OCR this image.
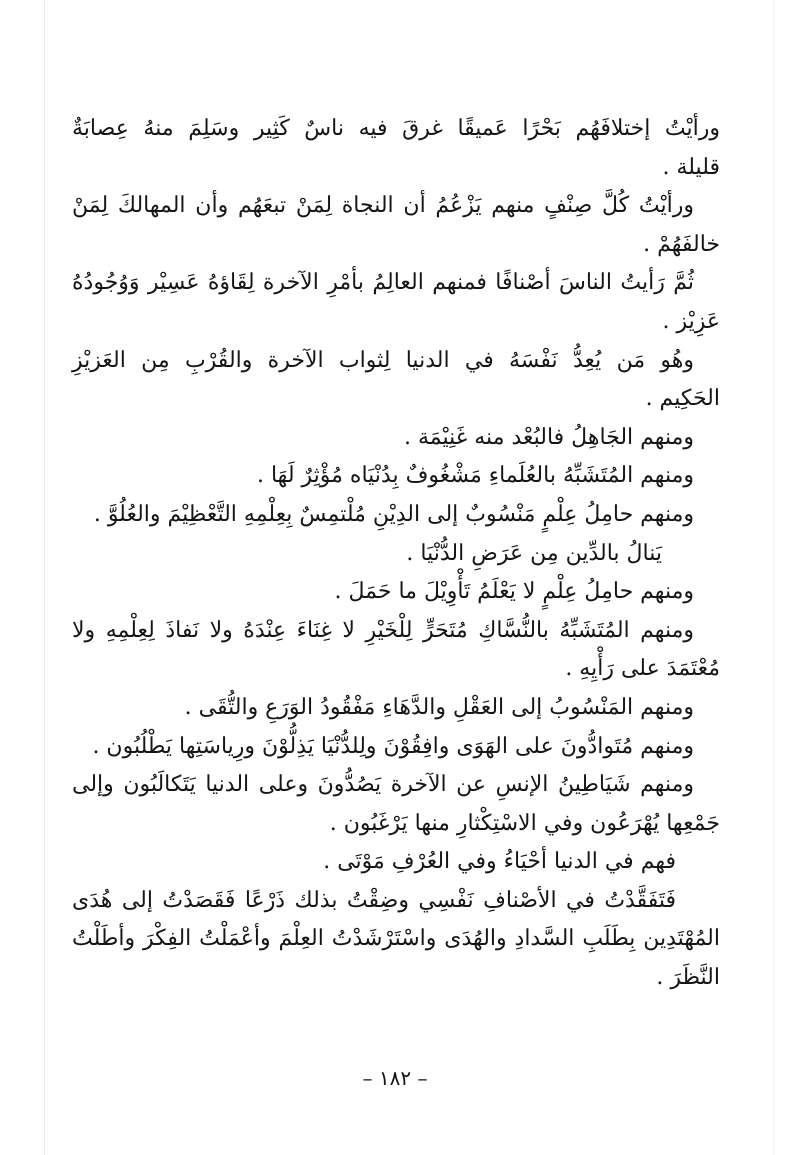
ورأيْتُ إختلافَهُم بَحْرًا عَميقًا غرقَ فيه ناسٌ كَثِير وسَلِمَ منهُ عِصابَةٌ
قليلة .
ورأيْتُ كُلَّ صِنْفٍ منهم يَزْعُمُ أن النجاة لِمَنْ تبعَهُم وأن المهالكَ لِمَنْ
خالفَهُمْ .
ثُمَّ رَأيتُ الناسَ أصْنافًا فمنهم العالِمُ بأمْرِ الآخرة لِقَاؤهُ عَسِيْر وَوُجُودُهُ
عَزِيْز .
وهُو مَن يُعِدُّ نَفْسَهُ في الدنيا لِثواب الآخرة والقُرْبِ مِن العَزيْزِ
الحَكِيم .
ومنهم الجَاهِلُ فالبُعْد منه غَنِيْمَة .
ومنهم المُتَشَبِّهُ بالعُلَماءِ مَشْغُوفٌ بِدُنْيَاه مُؤْثِرٌ لَهَا .
ومنهم حامِلُ عِلْمٍ مَنْسُوبٌ إلى الدِيْنِ مُلْتمِسٌ بِعِلْمِهِ التَّعْظِيْمَ والعُلُوَّ .
يَنالُ بالدِّين مِن عَرَضِ الدُّنْيَا .
ومنهم حامِلُ عِلْمٍ لا يَعْلَمُ تَأْوِيْلَ ما حَمَلَ .
ومنهم المُتَشَبِّهُ بالنُّسَّاكِ مُتَحَرٍّ لِلْخَيْرِ لا غِنَاءَ عِنْدَهُ ولا نَفاذَ لِعِلْمِهِ ولا
مُعْتَمَدَ على رَأْيِهِ .
ومنهم المَنْسُوبُ إلى العَقْلِ والدَّهَاءِ مَفْقُودُ الوَرَعِ والتُّقَى .
ومنهم مُتَوادُّونَ على الهَوَى وافِقُوْنَ ولِلدُّنْيَا يَذِلُّوْنَ ورِياسَتِها يَطْلُبُون .
ومنهم شَيَاطِينُ الإنسِ عن الآخرة يَصُدُّونَ وعلى الدنيا يَتَكالَبُون وإلى
جَمْعِها يُهْرَعُون وفي الاسْتِكْثارِ منها يَرْغَبُون .
فهم في الدنيا أحْيَاءُ وفي العُرْفِ مَوْتَى .
فَتَفَقَّدْتُ في الأصْنافِ نَفْسِي وضِقْتُ بذلك ذَرْعًا فَقَصَدْتُ إلى هُدَى
المُهْتَدِين بِطَلَبِ السَّدادِ والهُدَى واسْتَرْشَدْتُ العِلْمَ وأعْمَلْتُ الفِكْرَ وأطَلْتُ
النَّظَرَ .
– ١٨٢ –
